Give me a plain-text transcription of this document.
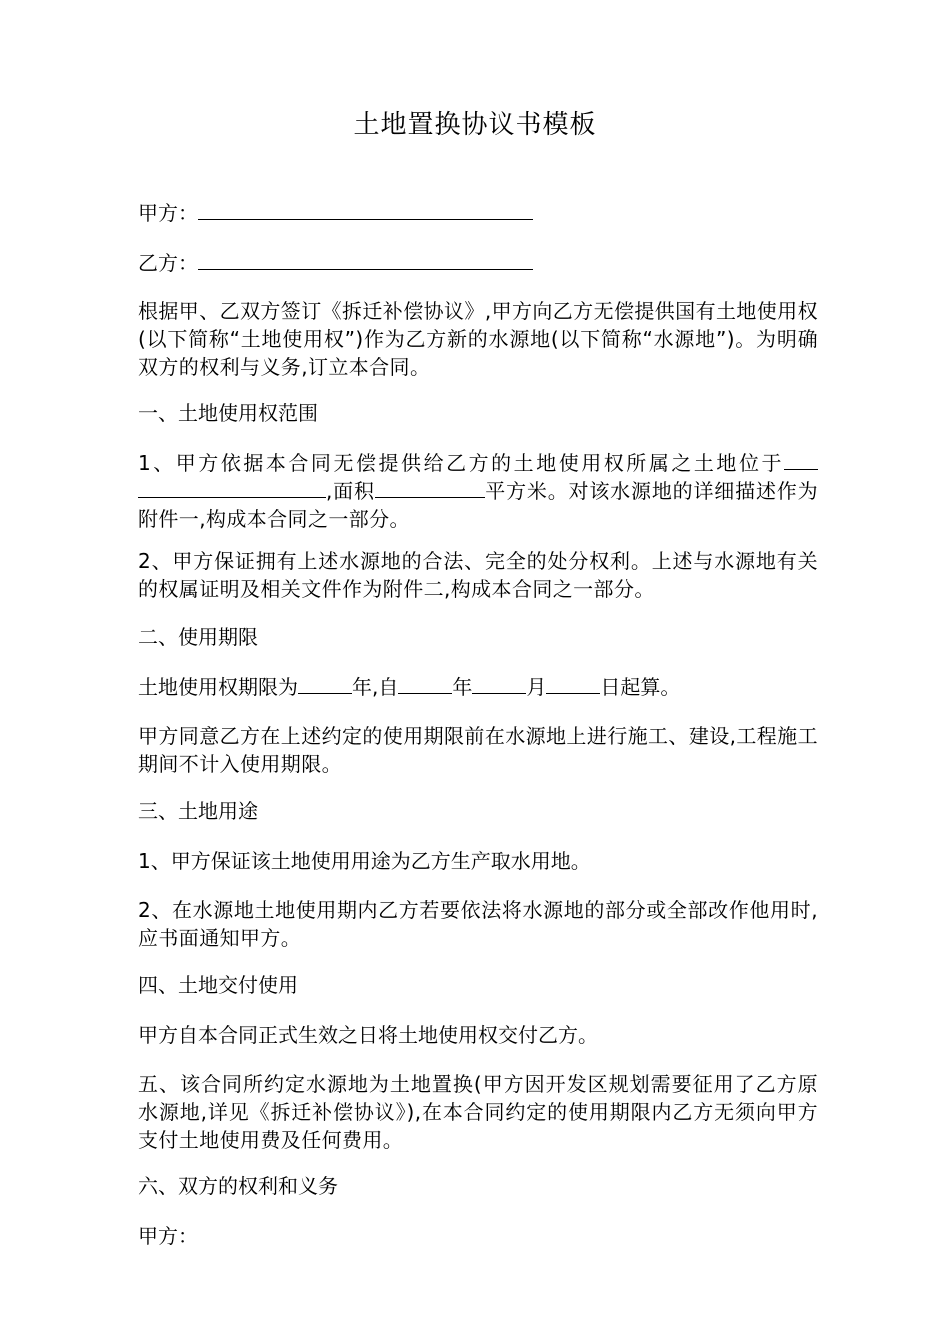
土地置换协议书模板
甲方：
乙方：
根据甲、乙双方签订《拆迁补偿协议》,甲方向乙方无偿提供国有土地使用权(以下简称“土地使用权”)作为乙方新的水源地(以下简称“水源地”)。为明确双方的权利与义务,订立本合同。
一、土地使用权范围
1、甲方依据本合同无偿提供给乙方的土地使用权所属之土地位于,面积	平方米。对该水源地的详细描述作为附件一,构成本合同之一部分。
2、甲方保证拥有上述水源地的合法、完全的处分权利。上述与水源地有关的权属证明及相关文件作为附件二,构成本合同之一部分。
二、使用期限
土地使用权期限为	年,自	年	月	日起算。
甲方同意乙方在上述约定的使用期限前在水源地上进行施工、建设,工程施工期间不计入使用期限。
三、土地用途
1、甲方保证该土地使用用途为乙方生产取水用地。
2、在水源地土地使用期内乙方若要依法将水源地的部分或全部改作他用时,应书面通知甲方。
四、土地交付使用
甲方自本合同正式生效之日将土地使用权交付乙方。
五、该合同所约定水源地为土地置换(甲方因开发区规划需要征用了乙方原水源地,详见《拆迁补偿协议》),在本合同约定的使用期限内乙方无须向甲方支付土地使用费及任何费用。
六、双方的权利和义务
甲方：
